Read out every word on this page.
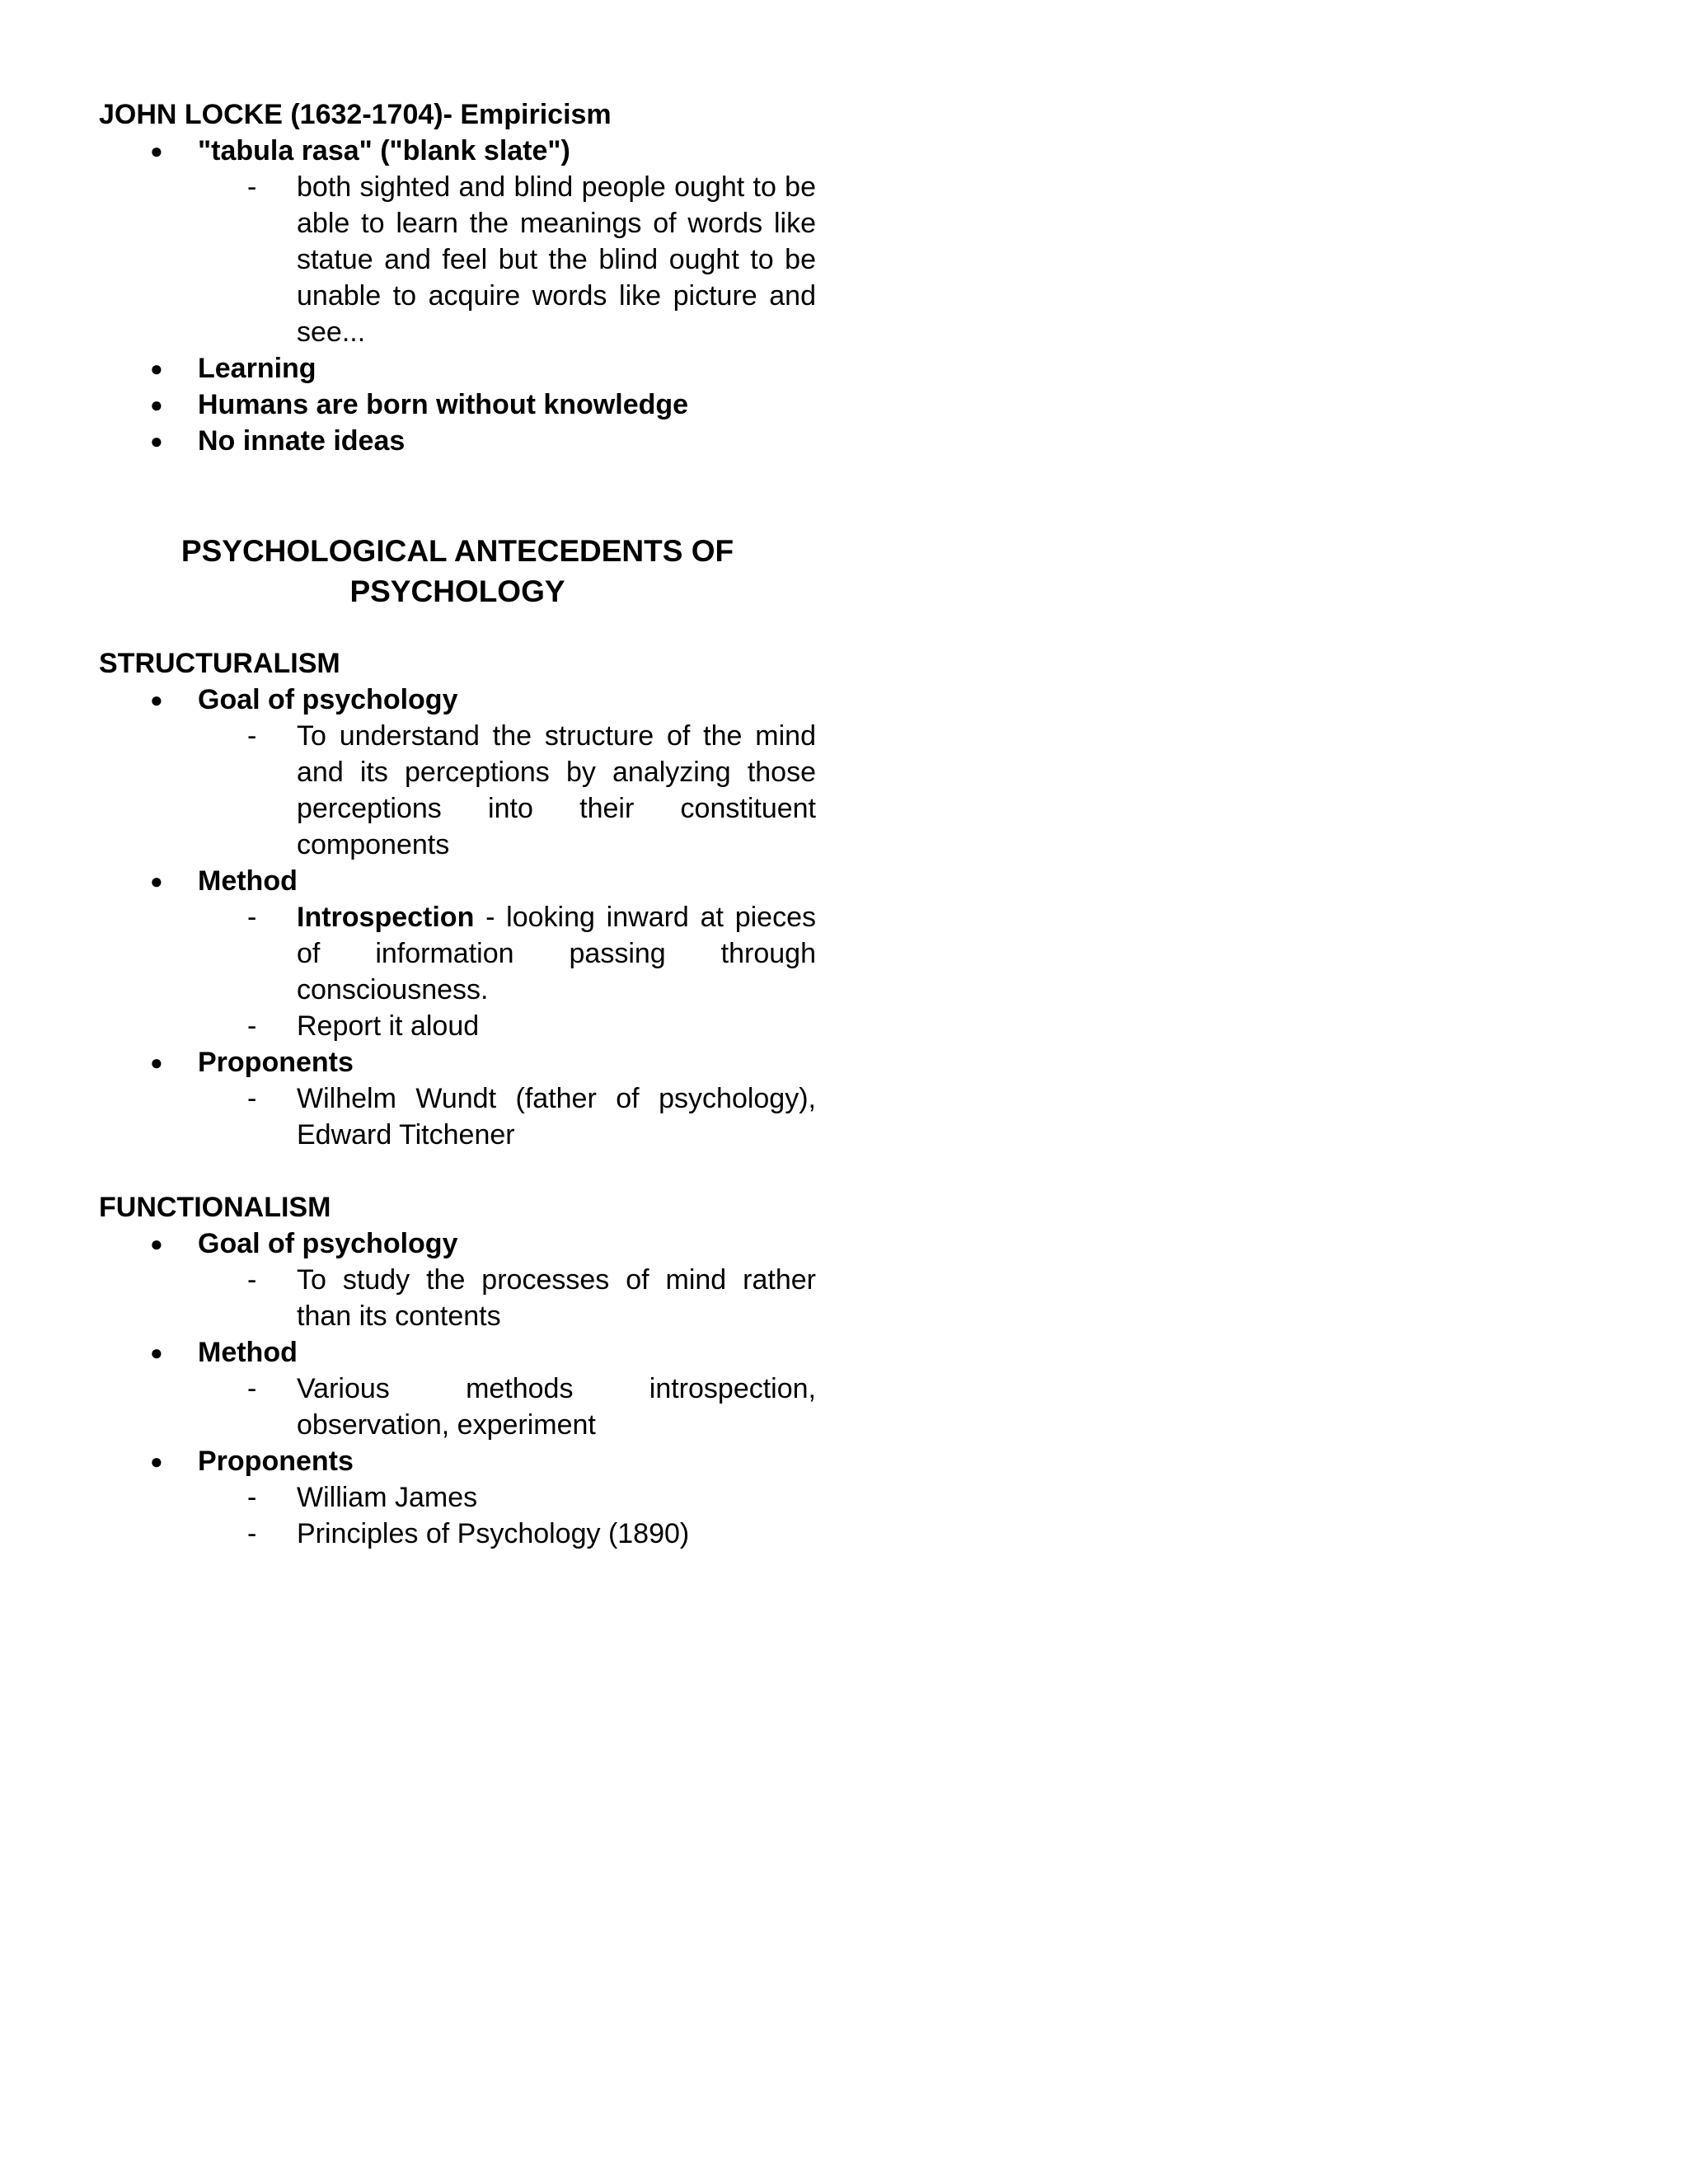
JOHN LOCKE (1632-1704)- Empiricism
● "tabula rasa" ("blank slate")
- both sighted and blind people ought to be able to learn the meanings of words like statue and feel but the blind ought to be unable to acquire words like picture and see...
● Learning
● Humans are born without knowledge
● No innate ideas
PSYCHOLOGICAL ANTECEDENTS OF PSYCHOLOGY
STRUCTURALISM
● Goal of psychology
- To understand the structure of the mind and its perceptions by analyzing those perceptions into their constituent components
● Method
- Introspection - looking inward at pieces of information passing through consciousness.
- Report it aloud
● Proponents
- Wilhelm Wundt (father of psychology), Edward Titchener
FUNCTIONALISM
● Goal of psychology
- To study the processes of mind rather than its contents
● Method
- Various methods introspection, observation, experiment
● Proponents
- William James
- Principles of Psychology (1890)
